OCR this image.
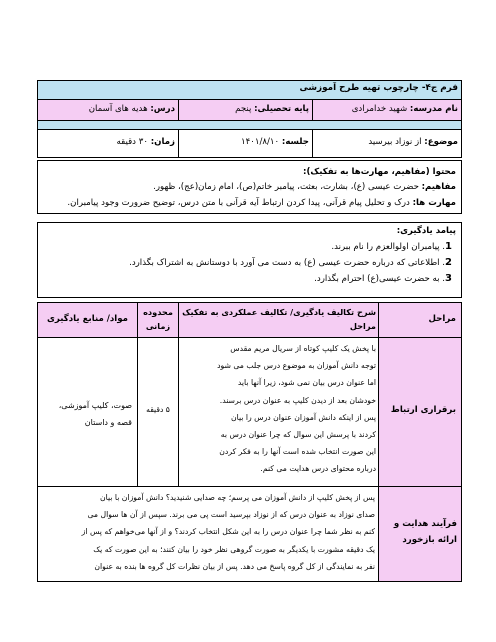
فرم ج۴- چارچوب تهیه طرح آموزشی
نام مدرسه: شهید خدامرادی
پایه تحصیلی: پنجم
درس: هدیه های آسمان
موضوع: از نوزاد بیرسید
جلسه: ۱۴۰۱/۸/۱۰
زمان: ۳۰ دقیقه
محتوا (مفاهیم، مهارت‌ها به تفکیک):
مفاهیم: حضرت عیسی (ع)، بشارت، بعثت، پیامبر خاتم(ص)، امام زمان(عج)، ظهور.
مهارت ها: درک و تحلیل پیام قرآنی، پیدا کردن ارتباط آیه قرآنی با متن درس، توضیح ضرورت وجود پیامبران.
پیامد یادگیری:
1. پیامبران اولوالعزم را نام ببرند.
2. اطلاعاتی که درباره حضرت عیسی (ع) به دست می آورد با دوستانش به اشتراک بگذارد.
3. به حضرت عیسی(ع) احترام بگذارد.
مراحل
شرح تکالیف یادگیری/ تکالیف عملکردی به تفکیک مراحل
محدوده زمانی
مواد/ منابع یادگیری
برقراری ارتباط
۵ دقیقه
صوت، کلیپ آموزشی، قصه و داستان
با پخش یک کلیپ کوتاه از سریال مریم مقدس
توجه دانش آموزان به موضوع درس جلب می شود
اما عنوان درس بیان نمی شود، زیرا آنها باید
خودشان بعد از دیدن کلیپ به عنوان درس برسند.
پس از اینکه دانش آموزان عنوان درس را بیان
کردند با پرسش این سوال که چرا عنوان درس به
این صورت انتخاب شده است آنها را به فکر کردن
درباره محتوای درس هدایت می کنم.
فرآیند هدایت و ارائه بازخورد
پس از پخش کلیپ از دانش آموزان می پرسم؛ چه صدایی شنیدید؟ دانش آموزان با بیان
صدای نوزاد به عنوان درس که از نوزاد بپرسید است پی می برند. سپس از آن ها سوال می
کنم به نظر شما چرا عنوان درس را به این شکل انتخاب کردند؟ و از آنها می‌خواهم که پس از
یک دقیقه مشورت با یکدیگر به صورت گروهی نظر خود را بیان کنند؛ به این صورت که یک
نفر به نمایندگی از کل گروه پاسخ می دهد. پس از بیان نظرات کل گروه ها بنده به عنوان
